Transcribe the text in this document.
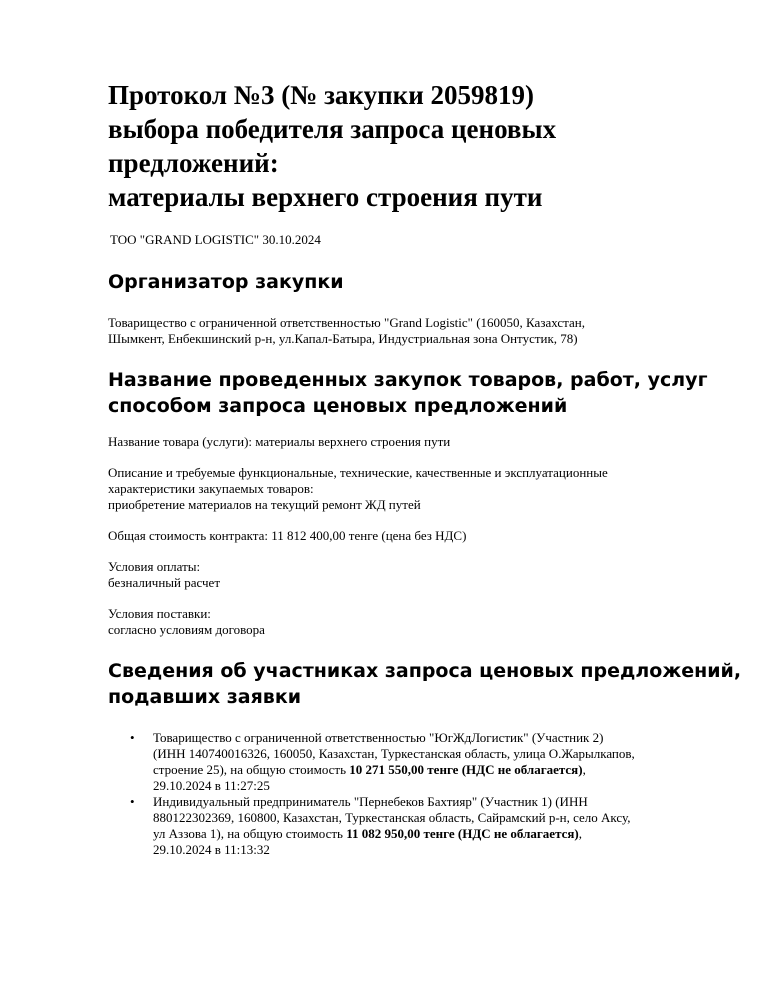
Протокол №3 (№ закупки 2059819)
выбора победителя запроса ценовых
предложений:
материалы верхнего строения пути
ТОО "GRAND LOGISTIC" 30.10.2024
Организатор закупки

Товарищество с ограниченной ответственностью "Grand Logistic" (160050, Казахстан,
Шымкент, Енбекшинский р-н, ул.Капал-Батыра, Индустриальная зона Онтустик, 78)

Название проведенных закупок товаров, работ, услуг
способом запроса ценовых предложений

Название товара (услуги): материалы верхнего строения пути

Описание и требуемые функциональные, технические, качественные и эксплуатационные
характеристики закупаемых товаров:
приобретение материалов на текущий ремонт ЖД путей

Общая стоимость контракта: 11 812 400,00 тенге (цена без НДС)

Условия оплаты:
безналичный расчет

Условия поставки:
согласно условиям договора

Сведения об участниках запроса ценовых предложений,
подавших заявки
• Товарищество с ограниченной ответственностью "ЮгЖдЛогистик" (Участник 2)
(ИНН 140740016326, 160050, Казахстан, Туркестанская область, улица О.Жарылкапов,
строение 25), на общую стоимость 10 271 550,00 тенге (НДС не облагается),
29.10.2024 в 11:27:25
• Индивидуальный предприниматель "Пернебеков Бахтияр" (Участник 1) (ИНН
880122302369, 160800, Казахстан, Туркестанская область, Сайрамский р-н, село Аксу,
ул Аззова 1), на общую стоимость 11 082 950,00 тенге (НДС не облагается),
29.10.2024 в 11:13:32
